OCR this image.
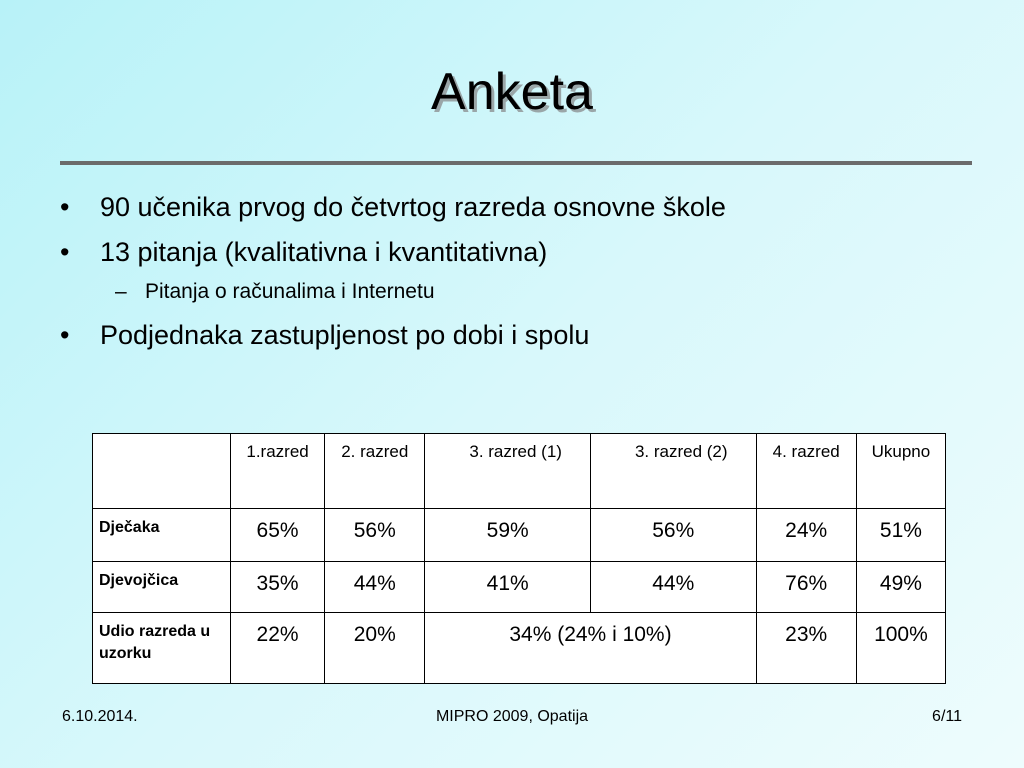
Anketa
• 90 učenika prvog do četvrtog razreda osnovne škole
• 13 pitanja (kvalitativna i kvantitativna)
– Pitanja o računalima i Internetu
• Podjednaka zastupljenost po dobi i spolu
	1.razred	2. razred	3. razred (1)	3. razred (2)	4. razred	Ukupno
Dječaka	65%	56%	59%	56%	24%	51%
Djevojčica	35%	44%	41%	44%	76%	49%
Udio razreda u uzorku	22%	20%	34% (24% i 10%)		23%	100%
6.10.2014.	MIPRO 2009, Opatija	6/11
